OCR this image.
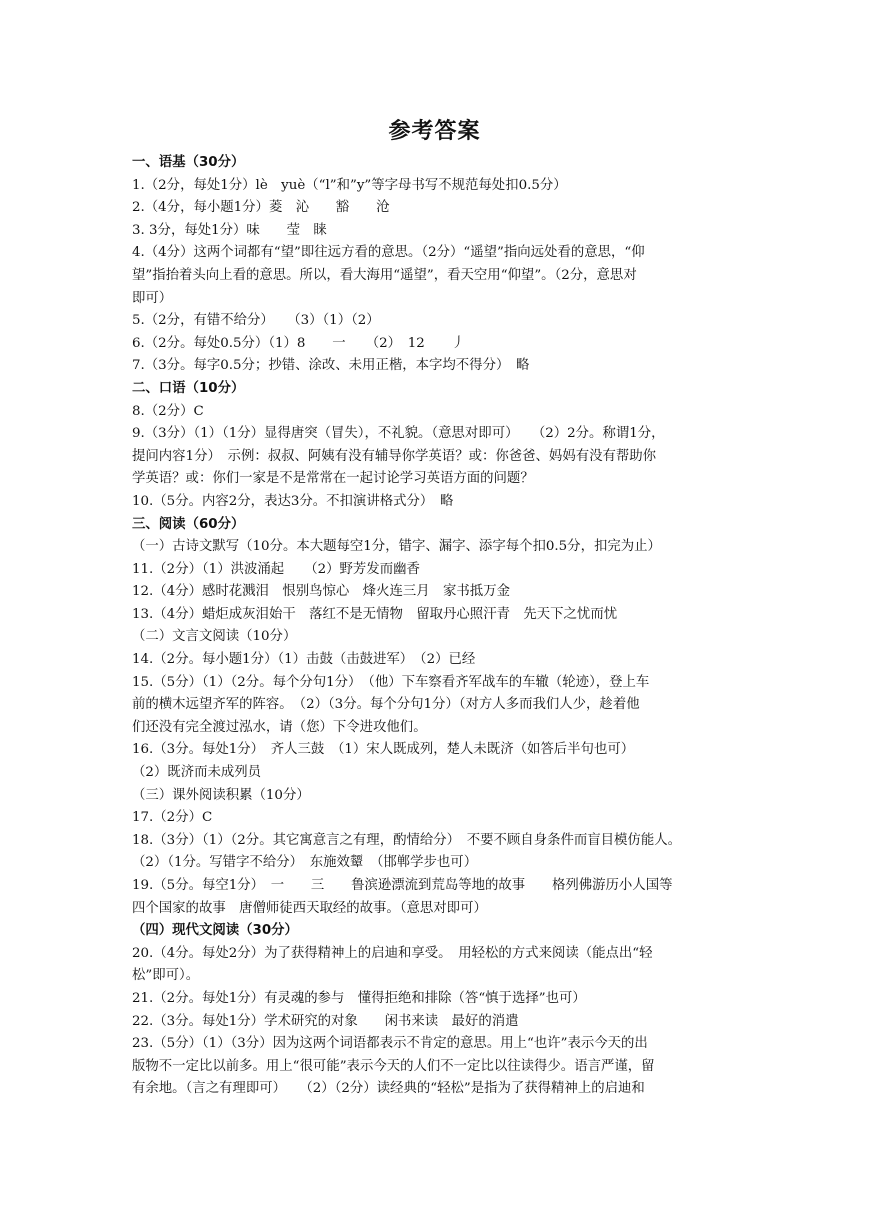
参考答案
一、语基（30分）
1.（2分，每处1分）lè　yuè（“l”和”y”等字母书写不规范每处扣0.5分）
2.（4分，每小题1分）菱　沁　　豁　　沧
3. 3分，每处1分）味　　莹　睐
4.（4分）这两个词都有“望”即往远方看的意思。（2分）“遥望”指向远处看的意思，“仰
望”指抬着头向上看的意思。所以，看大海用“遥望”，看天空用“仰望”。（2分，意思对
即可）
5.（2分，有错不给分）　　（3）（1）（2）
6.（2分。每处0.5分）（1）8　　一　　（2）　12　　丿
7.（3分。每字0.5分；抄错、涂改、未用正楷，本字均不得分）　略
二、口语（10分）
8.（2分）C
9.（3分）（1）（1分）显得唐突（冒失），不礼貌。（意思对即可）　　（2）2分。称谓1分，
提问内容1分）　示例：叔叔、阿姨有没有辅导你学英语？或：你爸爸、妈妈有没有帮助你
学英语？或：你们一家是不是常常在一起讨论学习英语方面的问题？
10.（5分。内容2分，表达3分。不扣演讲格式分）　略
三、阅读（60分）
（一）古诗文默写（10分。本大题每空1分，错字、漏字、添字每个扣0.5分，扣完为止）
11.（2分）（1）洪波涌起　　（2）野芳发而幽香
12.（4分）感时花溅泪　恨别鸟惊心　烽火连三月　家书抵万金
13.（4分）蜡炬成灰泪始干　落红不是无情物　留取丹心照汗青　先天下之忧而忧
（二）文言文阅读（10分）
14.（2分。每小题1分）（1）击鼓（击鼓进军）　（2）已经
15.（5分）（1）（2分。每个分句1分）　（他）下车察看齐军战车的车辙（轮迹），登上车
前的横木远望齐军的阵容。　（2）（3分。每个分句1分）（对方人多而我们人少，趁着他
们还没有完全渡过泓水，请（您）下令进攻他们。
16.（3分。每处1分）　齐人三鼓　（1）宋人既成列，楚人未既济（如答后半句也可）
（2）既济而未成列员
（三）课外阅读积累（10分）
17.（2分）C
18.（3分）（1）（2分。其它寓意言之有理，酌情给分）　不要不顾自身条件而盲目模仿能人。
（2）（1分。写错字不给分）　东施效颦　（邯郸学步也可）
19.（5分。每空1分）　一　　三　　鲁滨逊漂流到荒岛等地的故事　　格列佛游历小人国等
四个国家的故事　唐僧师徒西天取经的故事。（意思对即可）
（四）现代文阅读（30分）
20.（4分。每处2分）为了获得精神上的启迪和享受。　用轻松的方式来阅读（能点出“轻
松”即可）。
21.（2分。每处1分）有灵魂的参与　懂得拒绝和排除（答“慎于选择”也可）
22.（3分。每处1分）学术研究的对象　　闲书来读　最好的消遣
23.（5分）（1）（3分）因为这两个词语都表示不肯定的意思。用上“也许”表示今天的出
版物不一定比以前多。用上“很可能”表示今天的人们不一定比以往读得少。语言严谨，留
有余地。（言之有理即可）　　（2）（2分）读经典的“轻松”是指为了获得精神上的启迪和
